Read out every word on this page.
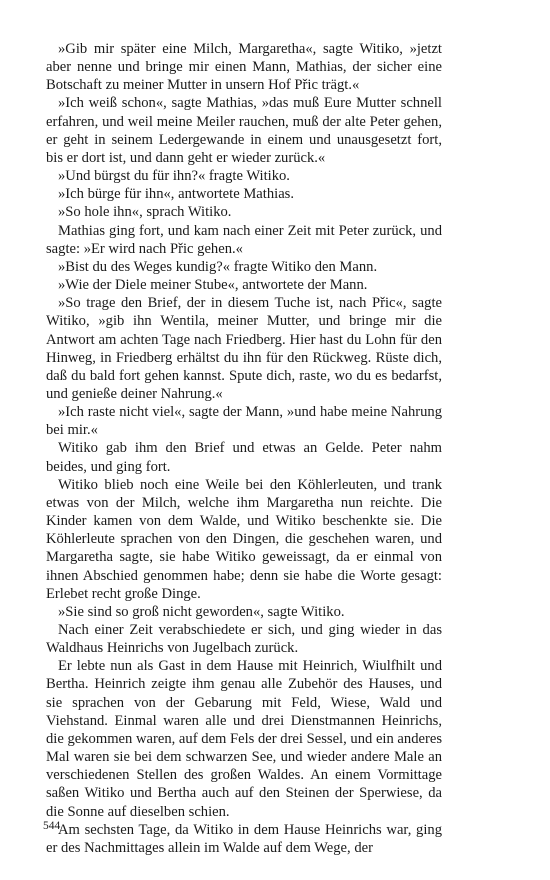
»Gib mir später eine Milch, Margaretha«, sagte Witiko, »jetzt aber nenne und bringe mir einen Mann, Mathias, der sicher eine Botschaft zu meiner Mutter in unsern Hof Přic trägt.«

»Ich weiß schon«, sagte Mathias, »das muß Eure Mutter schnell erfahren, und weil meine Meiler rauchen, muß der alte Peter gehen, er geht in seinem Ledergewande in einem und unausgesetzt fort, bis er dort ist, und dann geht er wieder zurück.«

»Und bürgst du für ihn?« fragte Witiko.

»Ich bürge für ihn«, antwortete Mathias.

»So hole ihn«, sprach Witiko.

Mathias ging fort, und kam nach einer Zeit mit Peter zurück, und sagte: »Er wird nach Přic gehen.«

»Bist du des Weges kundig?« fragte Witiko den Mann.

»Wie der Diele meiner Stube«, antwortete der Mann.

»So trage den Brief, der in diesem Tuche ist, nach Přic«, sagte Witiko, »gib ihn Wentila, meiner Mutter, und bringe mir die Antwort am achten Tage nach Friedberg. Hier hast du Lohn für den Hinweg, in Friedberg erhältst du ihn für den Rückweg. Rüste dich, daß du bald fort gehen kannst. Spute dich, raste, wo du es bedarfst, und genieße deiner Nahrung.«

»Ich raste nicht viel«, sagte der Mann, »und habe meine Nahrung bei mir.«

Witiko gab ihm den Brief und etwas an Gelde. Peter nahm beides, und ging fort.

Witiko blieb noch eine Weile bei den Köhlerleuten, und trank etwas von der Milch, welche ihm Margaretha nun reichte. Die Kinder kamen von dem Walde, und Witiko beschenkte sie. Die Köhlerleute sprachen von den Dingen, die geschehen waren, und Margaretha sagte, sie habe Witiko geweissagt, da er einmal von ihnen Abschied genommen habe; denn sie habe die Worte gesagt: Erlebet recht große Dinge.

»Sie sind so groß nicht geworden«, sagte Witiko.

Nach einer Zeit verabschiedete er sich, und ging wieder in das Waldhaus Heinrichs von Jugelbach zurück.

Er lebte nun als Gast in dem Hause mit Heinrich, Wiulfhilt und Bertha. Heinrich zeigte ihm genau alle Zubehör des Hauses, und sie sprachen von der Gebarung mit Feld, Wiese, Wald und Viehstand. Einmal waren alle und drei Dienstmannen Heinrichs, die gekommen waren, auf dem Fels der drei Sessel, und ein anderes Mal waren sie bei dem schwarzen See, und wieder andere Male an verschiedenen Stellen des großen Waldes. An einem Vormittage saßen Witiko und Bertha auch auf den Steinen der Sperwiese, da die Sonne auf dieselben schien.

Am sechsten Tage, da Witiko in dem Hause Heinrichs war, ging er des Nachmittages allein im Walde auf dem Wege, der

544
